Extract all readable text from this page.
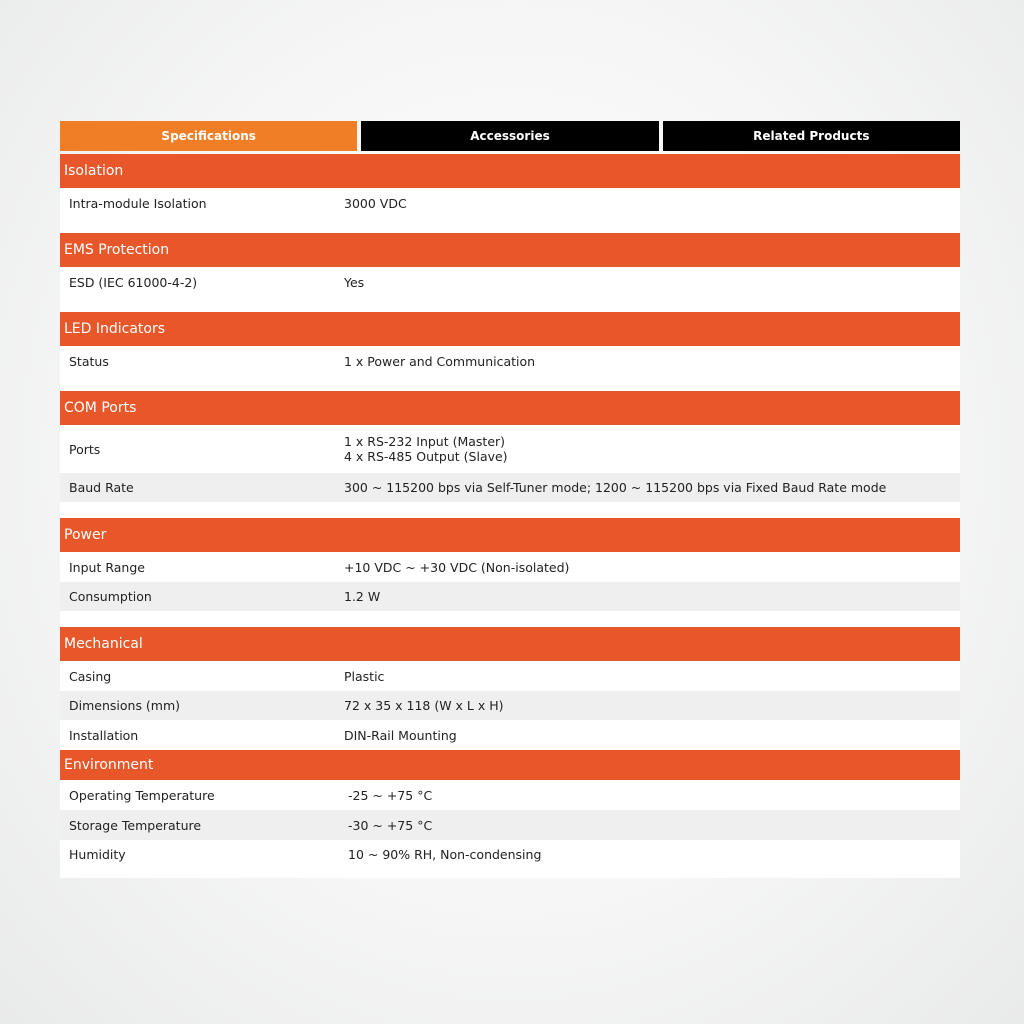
Specifications	Accessories	Related Products
Isolation
Intra-module Isolation	3000 VDC
EMS Protection
ESD (IEC 61000-4-2)	Yes
LED Indicators
Status	1 x Power and Communication
COM Ports
Ports	1 x RS-232 Input (Master)
4 x RS-485 Output (Slave)
Baud Rate	300 ~ 115200 bps via Self-Tuner mode; 1200 ~ 115200 bps via Fixed Baud Rate mode
Power
Input Range	+10 VDC ~ +30 VDC (Non-isolated)
Consumption	1.2 W
Mechanical
Casing	Plastic
Dimensions (mm)	72 x 35 x 118 (W x L x H)
Installation	DIN-Rail Mounting
Environment
Operating Temperature	-25 ~ +75 °C
Storage Temperature	-30 ~ +75 °C
Humidity	10 ~ 90% RH, Non-condensing
